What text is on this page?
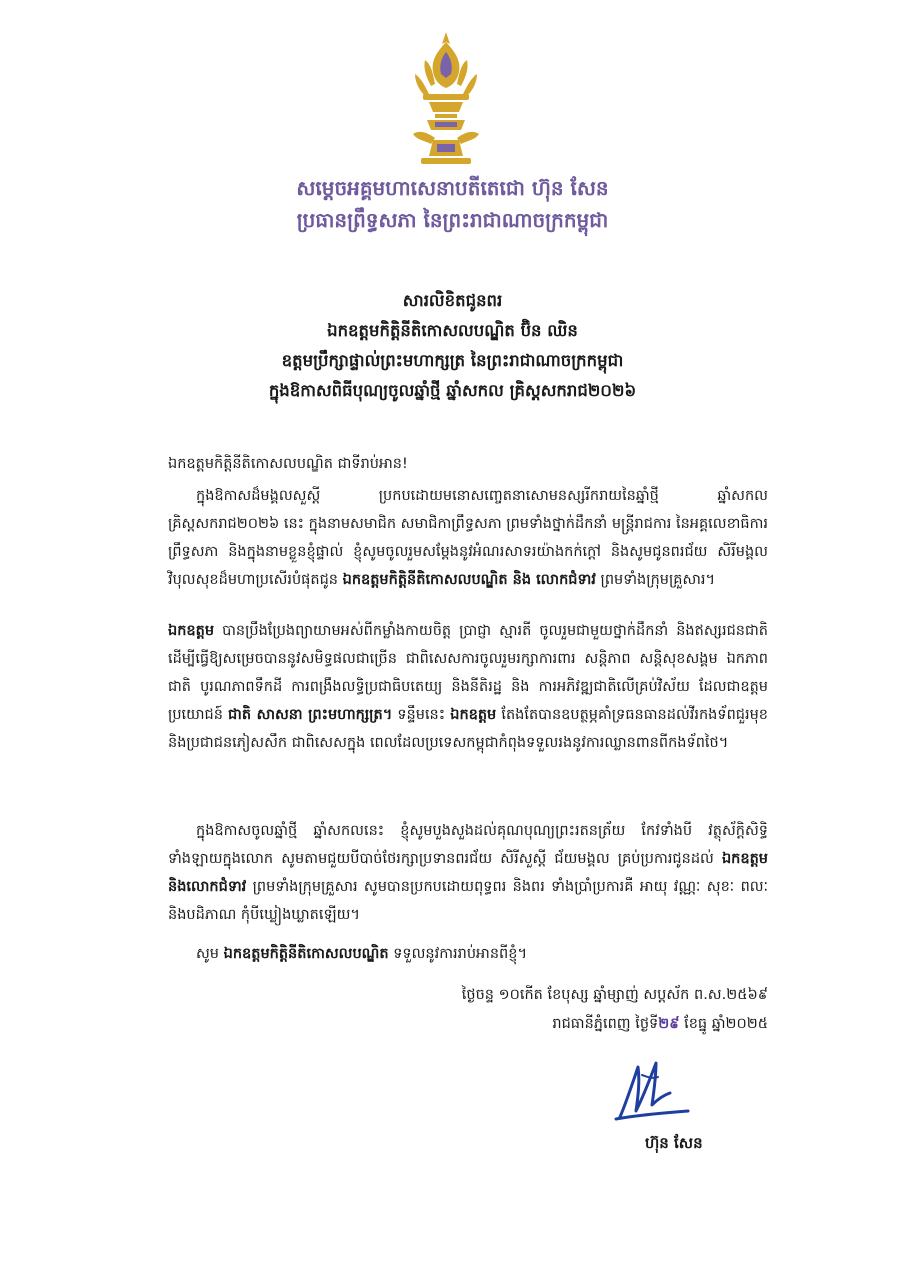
សម្តេចអគ្គមហាសេនាបតីតេជោ ហ៊ុន សែន
ប្រធានព្រឹទ្ធសភា នៃព្រះរាជាណាចក្រកម្ពុជា
សារលិខិតជូនពរ
ឯកឧត្តមកិត្តិនីតិកោសលបណ្ឌិត ប៊ិន ឈិន
ឧត្តមប្រឹក្សាផ្ទាល់ព្រះមហាក្សត្រ នៃព្រះរាជាណាចក្រកម្ពុជា
ក្នុងឱកាសពិធីបុណ្យចូលឆ្នាំថ្មី ឆ្នាំសកល គ្រិស្តសករាជ២០២៦
ឯកឧត្តមកិត្តិនីតិកោសលបណ្ឌិត ជាទីរាប់អាន!
ក្នុងឱកាសដ៏មង្គលសួស្តី ប្រកបដោយមនោសញ្ចេតនាសោមនស្សរីករាយនៃឆ្នាំថ្មី ឆ្នាំសកល គ្រិស្តសករាជ២០២៦ នេះ ក្នុងនាមសមាជិក សមាជិកាព្រឹទ្ធសភា ព្រមទាំងថ្នាក់ដឹកនាំ មន្ត្រីរាជការ នៃអគ្គលេខាធិការព្រឹទ្ធសភា និងក្នុងនាមខ្លួនខ្ញុំផ្ទាល់ ខ្ញុំសូមចូលរួមសម្តែងនូវអំណរសាទរយ៉ាងកក់ក្តៅ និងសូមជូនពរជ័យ សិរីមង្គល វិបុលសុខដ៏មហាប្រសើរបំផុតជូន ឯកឧត្តមកិត្តិនីតិកោសលបណ្ឌិត និង លោកជំទាវ ព្រមទាំងក្រុមគ្រួសារ។
ឯកឧត្តម បានប្រឹងប្រែងព្យាយាមអស់ពីកម្លាំងកាយចិត្ត ប្រាជ្ញា ស្មារតី ចូលរួមជាមួយថ្នាក់ដឹកនាំ និងឥស្សរជនជាតិ ដើម្បីធ្វើឱ្យសម្រេចបាននូវសមិទ្ធផលជាច្រើន ជាពិសេសការចូលរួមរក្សាការពារ សន្តិភាព សន្តិសុខសង្គម ឯកភាពជាតិ បូរណភាពទឹកដី ការពង្រឹងលទ្ធិប្រជាធិបតេយ្យ និងនីតិរដ្ឋ និង ការអភិវឌ្ឍជាតិលើគ្រប់វិស័យ ដែលជាឧត្តមប្រយោជន៍ ជាតិ សាសនា ព្រះមហាក្សត្រ។ ទន្ទឹមនេះ ឯកឧត្តម តែងតែបានឧបត្ថម្ភគាំទ្រធនធានដល់វីរកងទ័ពជួរមុខ និងប្រជាជនភៀសសឹក ជាពិសេសក្នុង ពេលដែលប្រទេសកម្ពុជាកំពុងទទួលរងនូវការឈ្លានពានពីកងទ័ពថៃ។
ក្នុងឱកាសចូលឆ្នាំថ្មី ឆ្នាំសកលនេះ ខ្ញុំសូមបួងសួងដល់គុណបុណ្យព្រះរតនត្រ័យ កែវទាំងបី វត្ថុស័ក្តិសិទ្ធិទាំងឡាយក្នុងលោក សូមតាមជួយបីបាច់ថែរក្សាប្រទានពរជ័យ សិរីសួស្តី ជ័យមង្គល គ្រប់ប្រការជូនដល់ ឯកឧត្តម និងលោកជំទាវ ព្រមទាំងក្រុមគ្រួសារ សូមបានប្រកបដោយពុទ្ធពរ និងពរ ទាំងប្រាំប្រការគឺ អាយុ វណ្ណៈ សុខៈ ពលៈ និងបដិភាណ កុំបីឃ្លៀងឃ្លាតឡើយ។
សូម ឯកឧត្តមកិត្តិនីតិកោសលបណ្ឌិត ទទួលនូវការរាប់អានពីខ្ញុំ។
ថ្ងៃចន្ទ ១០កើត ខែបុស្ស ឆ្នាំម្សាញ់ សប្តស័ក ព.ស.២៥៦៩
រាជធានីភ្នំពេញ ថ្ងៃទី២៩ ខែធ្នូ ឆ្នាំ២០២៥
ហ៊ុន សែន
